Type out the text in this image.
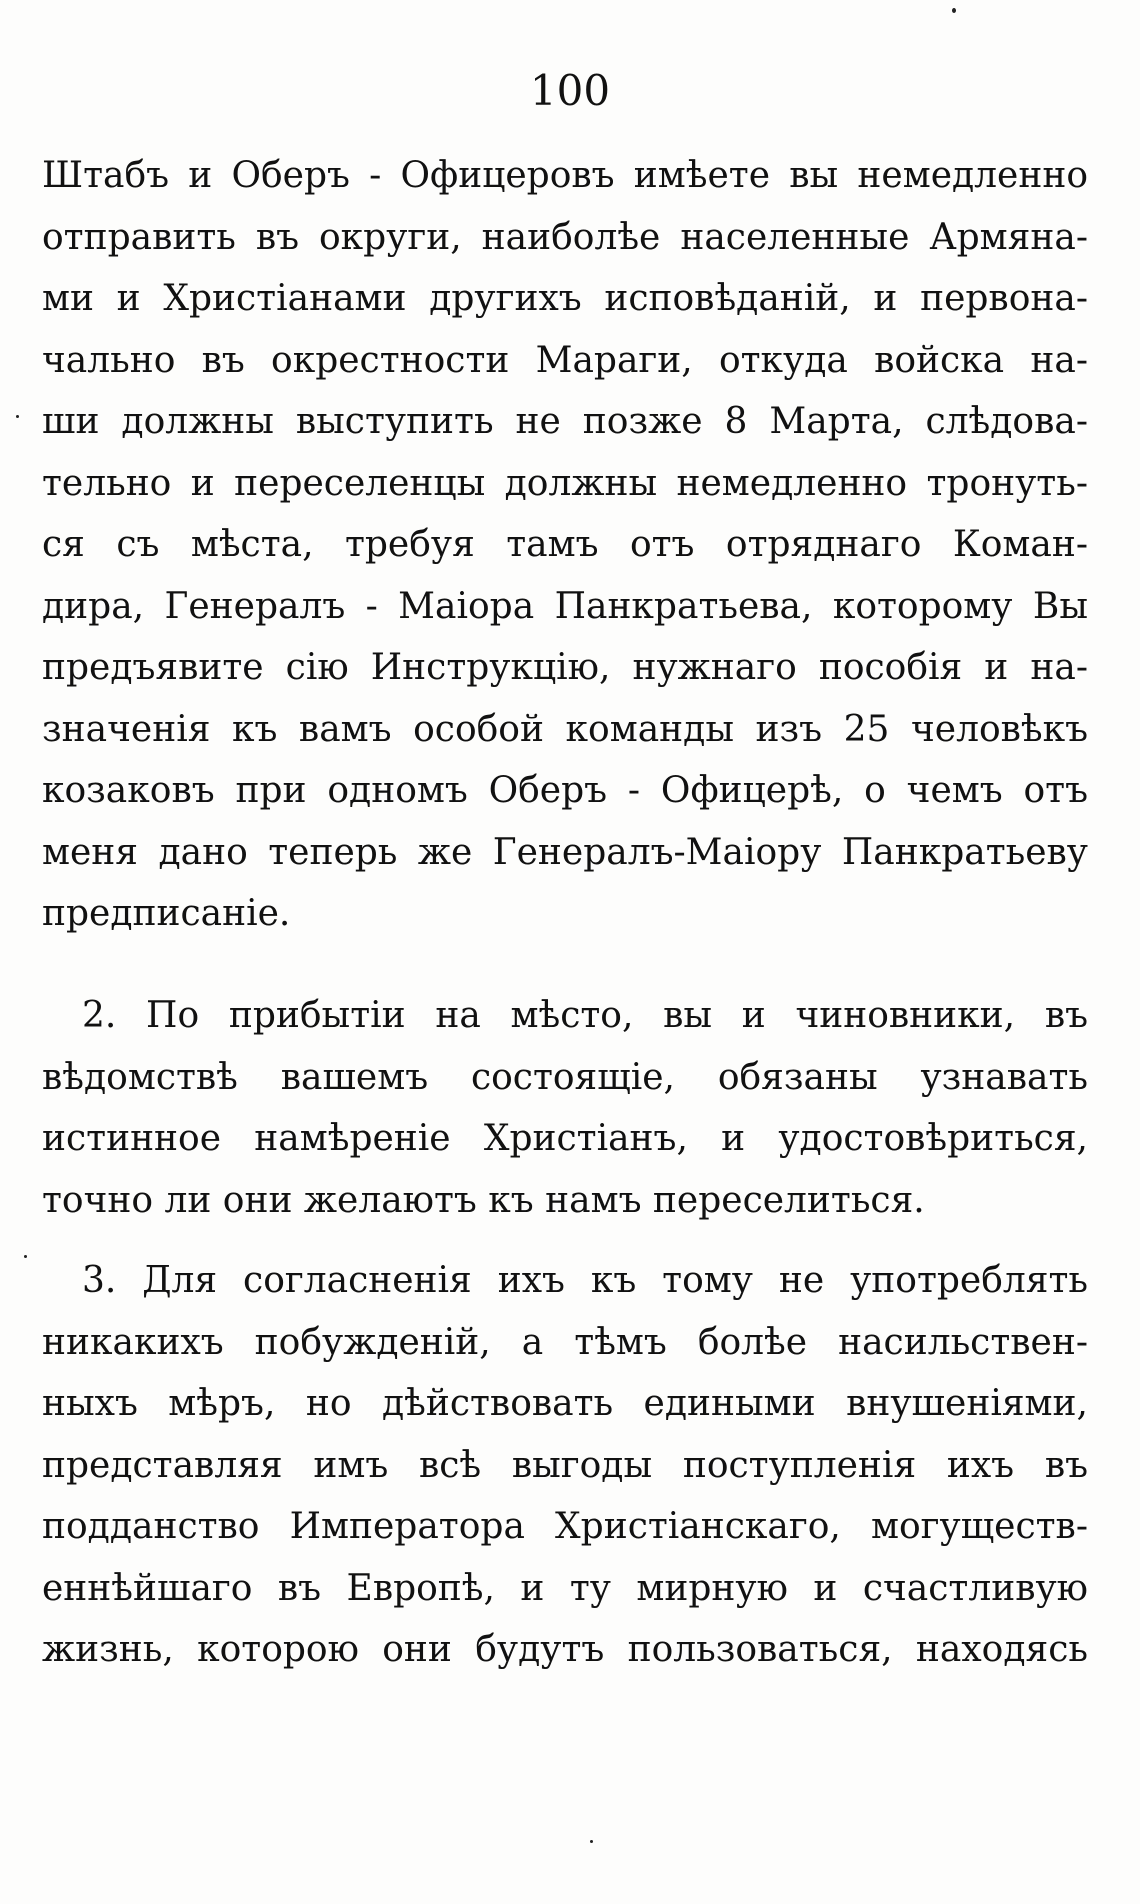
100
Штабъ и Оберъ - Офицеровъ имѣете вы немедленно
отправить въ округи, наиболѣе населенные Армяна-
ми и Христіанами другихъ исповѣданій, и первона-
чально въ окрестности Мараги, откуда войска на-
ши должны выступить не позже 8 Марта, слѣдова-
тельно и переселенцы должны немедленно тронуть-
ся съ мѣста, требуя тамъ отъ отряднаго Коман-
дира, Генералъ - Маіора Панкратьева, которому Вы
предъявите сію Инструкцію, нужнаго пособія и на-
значенія къ вамъ особой команды изъ 25 человѣкъ
козаковъ при одномъ Оберъ - Офицерѣ, о чемъ отъ
меня дано теперь же Генералъ-Маіору Панкратьеву
предписаніе.
2. По прибытіи на мѣсто, вы и чиновники, въ
вѣдомствѣ вашемъ состоящіе, обязаны узнавать
истинное намѣреніе Христіанъ, и удостовѣриться,
точно ли они желаютъ къ намъ переселиться.
3. Для согласненія ихъ къ тому не употреблять
никакихъ побужденій, а тѣмъ болѣе насильствен-
ныхъ мѣръ, но дѣйствовать едиными внушеніями,
представляя имъ всѣ выгоды поступленія ихъ въ
подданство Императора Христіанскаго, могуществ-
еннѣйшаго въ Европѣ, и ту мирную и счастливую
жизнь, которою они будутъ пользоваться, находясь
